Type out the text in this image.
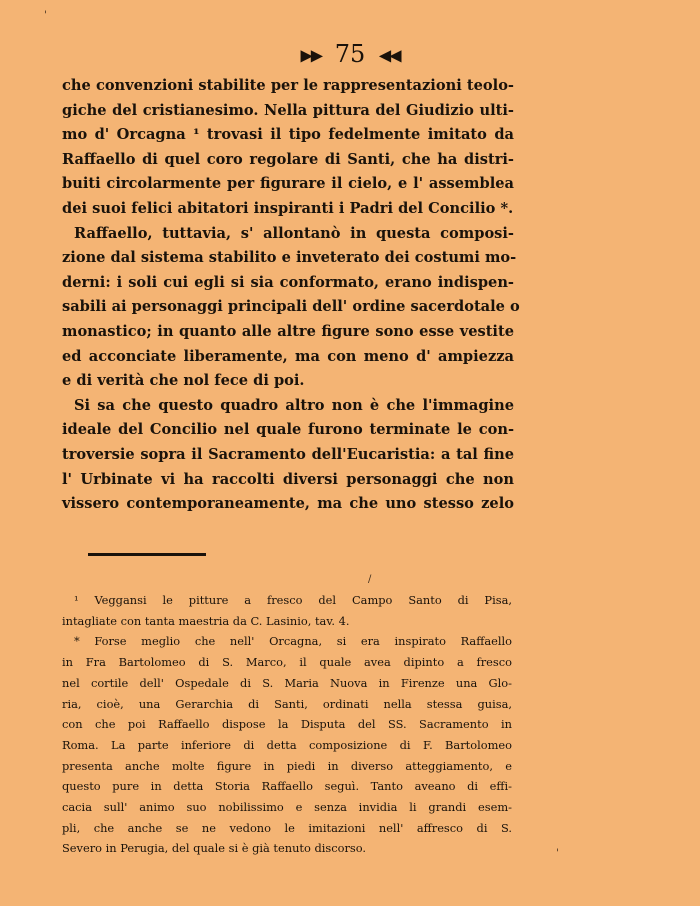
'
▶▶ 75 ◀◀
che convenzioni stabilite per le rappresentazioni teolo-
giche del cristianesimo. Nella pittura del Giudizio ulti-
mo d' Orcagna ¹ trovasi il tipo fedelmente imitato da
Raffaello di quel coro regolare di Santi, che ha distri-
buiti circolarmente per figurare il cielo, e l' assemblea
dei suoi felici abitatori inspiranti i Padri del Concilio *.
Raffaello, tuttavia, s' allontanò in questa composi-
zione dal sistema stabilito e inveterato dei costumi mo-
derni: i soli cui egli si sia conformato, erano indispen-
sabili ai personaggi principali dell' ordine sacerdotale o
monastico; in quanto alle altre figure sono esse vestite
ed acconciate liberamente, ma con meno d' ampiezza
e di verità che nol fece di poi.
Si sa che questo quadro altro non è che l'immagine
ideale del Concilio nel quale furono terminate le con-
troversie sopra il Sacramento dell'Eucaristia: a tal fine
l' Urbinate vi ha raccolti diversi personaggi che non
vissero contemporaneamente, ma che uno stesso zelo
/
¹ Veggansi le pitture a fresco del Campo Santo di Pisa,
intagliate con tanta maestria da C. Lasinio, tav. 4.
* Forse meglio che nell' Orcagna, si era inspirato Raffaello
in Fra Bartolomeo di S. Marco, il quale avea dipinto a fresco
nel cortile dell' Ospedale di S. Maria Nuova in Firenze una Glo-
ria, cioè, una Gerarchia di Santi, ordinati nella stessa guisa,
con che poi Raffaello dispose la Disputa del SS. Sacramento in
Roma. La parte inferiore di detta composizione di F. Bartolomeo
presenta anche molte figure in piedi in diverso atteggiamento, e
questo pure in detta Storia Raffaello seguì. Tanto aveano di effi-
cacia sull' animo suo nobilissimo e senza invidia li grandi esem-
pli, che anche se ne vedono le imitazioni nell' affresco di S.
Severo in Perugia, del quale si è già tenuto discorso.	'
